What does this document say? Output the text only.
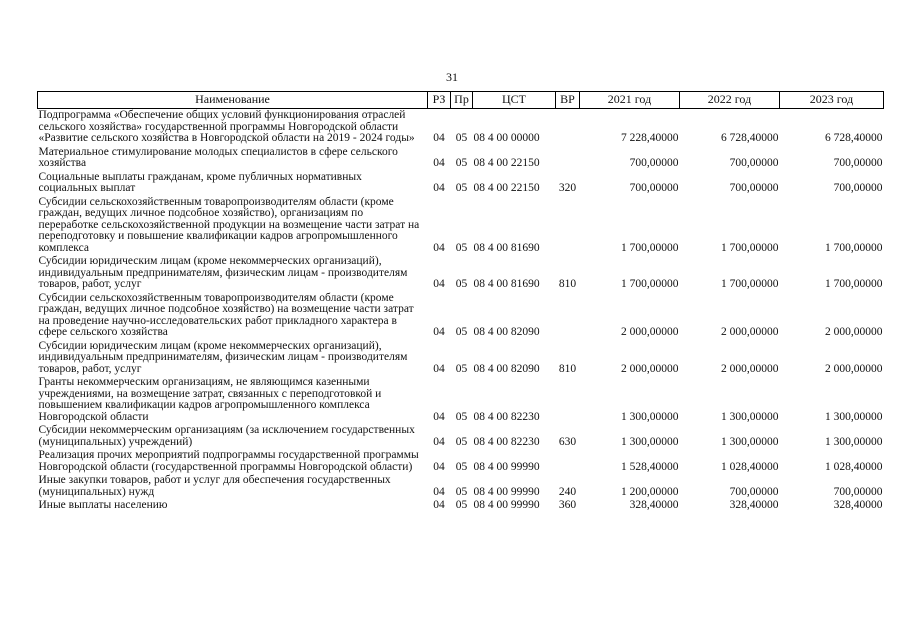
31
Наименование	РЗ	Пр	ЦСТ	ВР	2021 год	2022 год	2023 год
Подпрограмма «Обеспечение общих условий функционирования отраслей сельского хозяйства» государственной программы Новгородской области «Развитие сельского хозяйства в Новгородской области на 2019 - 2024 годы»	04	05	08 4 00 00000		7 228,40000	6 728,40000	6 728,40000
Материальное стимулирование молодых специалистов в сфере сельского хозяйства	04	05	08 4 00 22150		700,00000	700,00000	700,00000
Социальные выплаты гражданам, кроме публичных нормативных социальных выплат	04	05	08 4 00 22150	320	700,00000	700,00000	700,00000
Субсидии сельскохозяйственным товаропроизводителям области (кроме граждан, ведущих личное подсобное хозяйство), организациям по переработке сельскохозяйственной продукции на возмещение части затрат на переподготовку и повышение квалификации кадров агропромышленного комплекса	04	05	08 4 00 81690		1 700,00000	1 700,00000	1 700,00000
Субсидии юридическим лицам (кроме некоммерческих организаций), индивидуальным предпринимателям, физическим лицам - производителям товаров, работ, услуг	04	05	08 4 00 81690	810	1 700,00000	1 700,00000	1 700,00000
Субсидии сельскохозяйственным товаропроизводителям области (кроме граждан, ведущих личное подсобное хозяйство) на возмещение части затрат на проведение научно-исследовательских работ прикладного характера в сфере сельского хозяйства	04	05	08 4 00 82090		2 000,00000	2 000,00000	2 000,00000
Субсидии юридическим лицам (кроме некоммерческих организаций), индивидуальным предпринимателям, физическим лицам - производителям товаров, работ, услуг	04	05	08 4 00 82090	810	2 000,00000	2 000,00000	2 000,00000
Гранты некоммерческим организациям, не являющимся казенными учреждениями, на возмещение затрат, связанных с переподготовкой и повышением квалификации кадров агропромышленного комплекса Новгородской области	04	05	08 4 00 82230		1 300,00000	1 300,00000	1 300,00000
Субсидии некоммерческим организациям (за исключением государственных (муниципальных) учреждений)	04	05	08 4 00 82230	630	1 300,00000	1 300,00000	1 300,00000
Реализация прочих мероприятий подпрограммы государственной программы Новгородской области (государственной программы Новгородской области)	04	05	08 4 00 99990		1 528,40000	1 028,40000	1 028,40000
Иные закупки товаров, работ и услуг для обеспечения государственных (муниципальных) нужд	04	05	08 4 00 99990	240	1 200,00000	700,00000	700,00000
Иные выплаты населению	04	05	08 4 00 99990	360	328,40000	328,40000	328,40000
